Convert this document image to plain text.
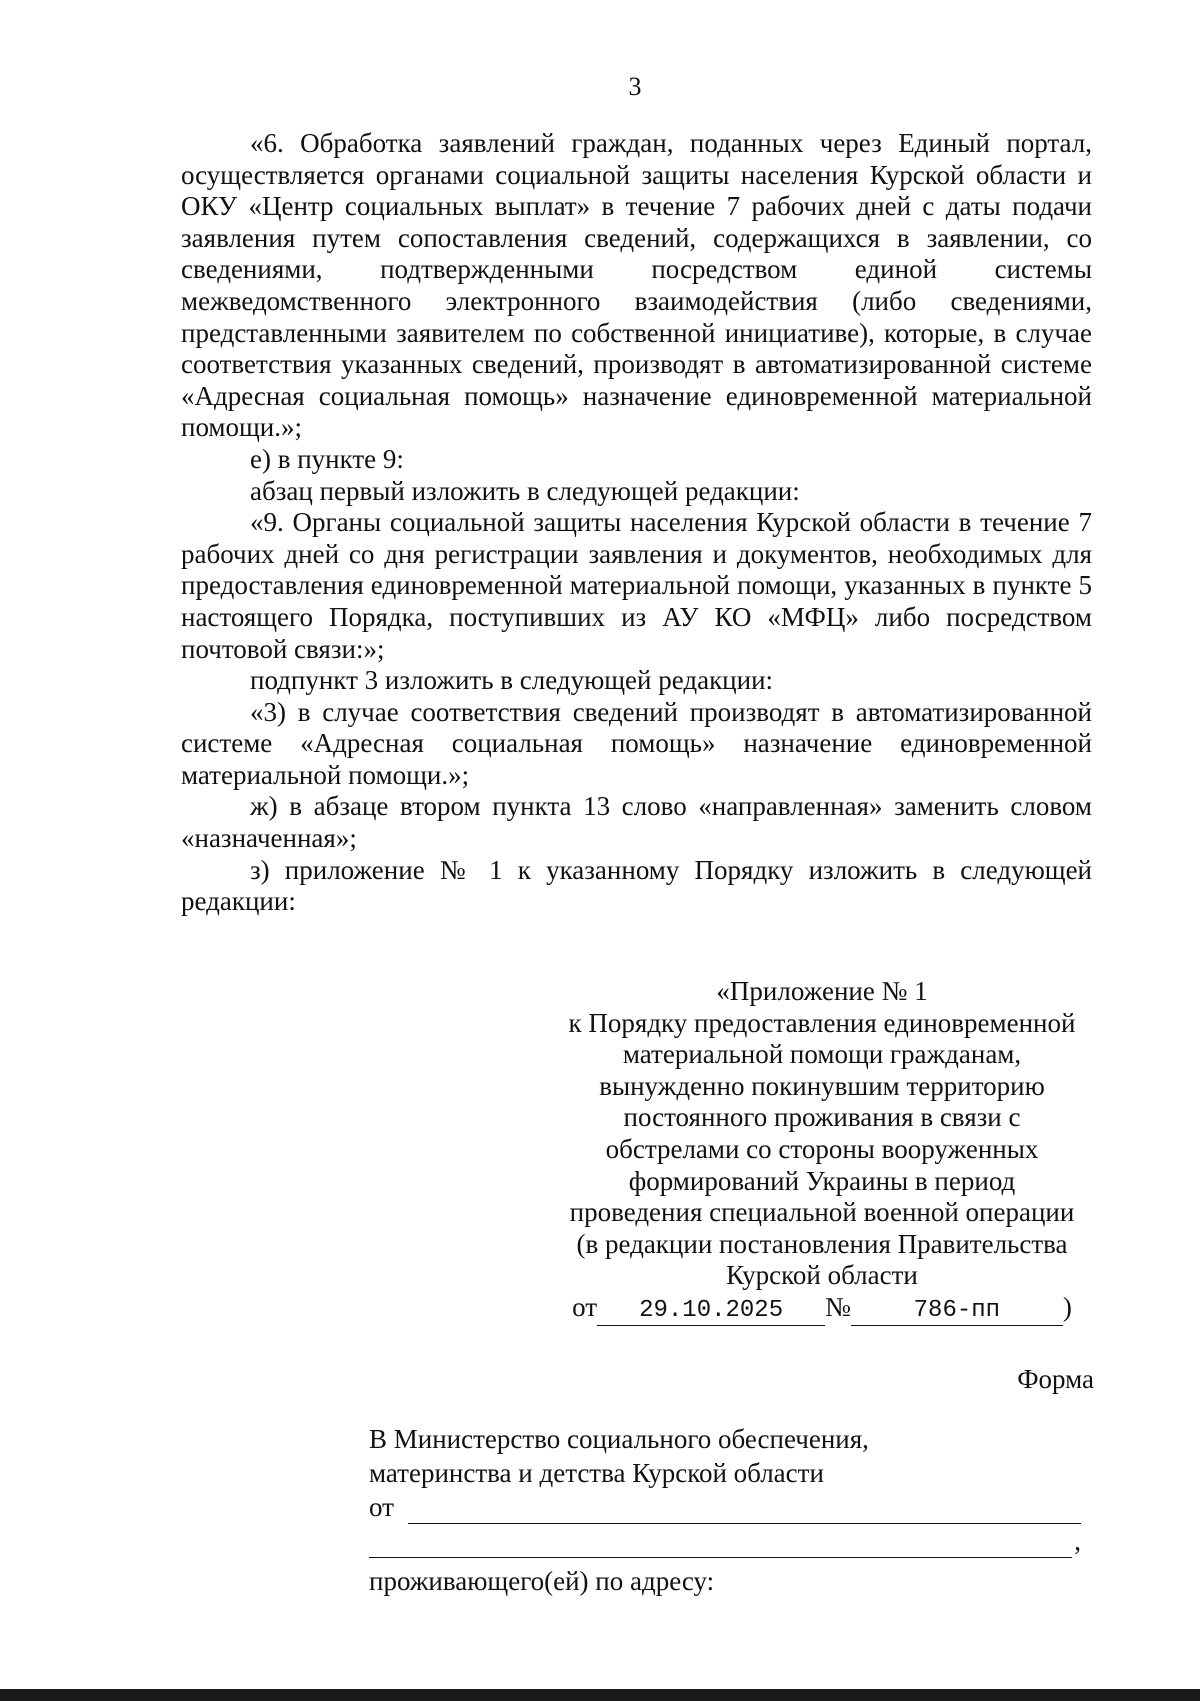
3

«6. Обработка заявлений граждан, поданных через Единый портал, осуществляется органами социальной защиты населения Курской области и ОКУ «Центр социальных выплат» в течение 7 рабочих дней с даты подачи заявления путем сопоставления сведений, содержащихся в заявлении, со сведениями, подтвержденными посредством единой системы межведомственного электронного взаимодействия (либо сведениями, представленными заявителем по собственной инициативе), которые, в случае соответствия указанных сведений, производят в автоматизированной системе «Адресная социальная помощь» назначение единовременной материальной помощи.»;

е) в пункте 9:

абзац первый изложить в следующей редакции:

«9. Органы социальной защиты населения Курской области в течение 7 рабочих дней со дня регистрации заявления и документов, необходимых для предоставления единовременной материальной помощи, указанных в пункте 5 настоящего Порядка, поступивших из АУ КО «МФЦ» либо посредством почтовой связи:»;

подпункт 3 изложить в следующей редакции:

«3) в случае соответствия сведений производят в автоматизированной системе «Адресная социальная помощь» назначение единовременной материальной помощи.»;

ж) в абзаце втором пункта 13 слово «направленная» заменить словом «назначенная»;

з) приложение № 1 к указанному Порядку изложить в следующей редакции:

«Приложение № 1
к Порядку предоставления единовременной
материальной помощи гражданам,
вынужденно покинувшим территорию
постоянного проживания в связи с
обстрелами со стороны вооруженных
формирований Украины в период
проведения специальной военной операции
(в редакции постановления Правительства
Курской области
от 29.10.2025 №	786-пп )
Форма
В Министерство социального обеспечения,
материнства и детства Курской области
от
,
проживающего(ей) по адресу:
